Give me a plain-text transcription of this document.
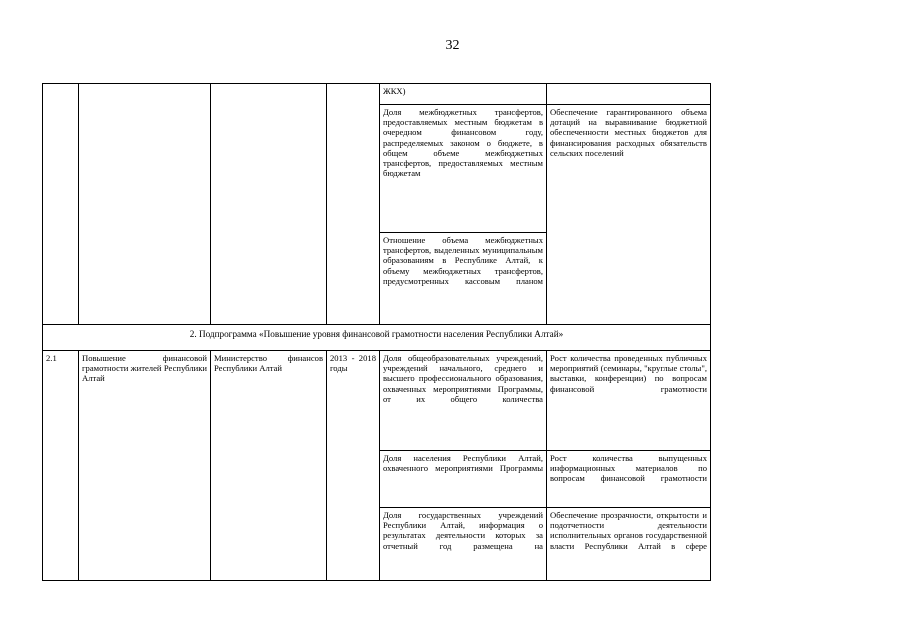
32
				ЖКХ)	
				Доля межбюджетных трансфертов, предоставляемых местным бюджетам в очередном финансовом году, распределяемых законом о бюджете, в общем объеме межбюджетных трансфертов, предоставляемых местным бюджетам	Обеспечение гарантированного объема дотаций на выравнивание бюджетной обеспеченности местных бюджетов для финансирования расходных обязательств сельских поселений
				Отношение объема межбюджетных трансфертов, выделенных муниципальным образованиям в Республике Алтай, к объему межбюджетных трансфертов, предусмотренных кассовым планом	
2. Подпрограмма «Повышение уровня финансовой грамотности населения Республики Алтай»					
2.1	Повышение финансовой грамотности жителей Республики Алтай	Министерство финансов Республики Алтай	2013 - 2018 годы	Доля общеобразовательных учреждений, учреждений начального, среднего и высшего профессионального образования, охваченных мероприятиями Программы, от их общего количества	Рост количества проведенных публичных мероприятий (семинары, "круглые столы", выставки, конференции) по вопросам финансовой грамотности
				Доля населения Республики Алтай, охваченного мероприятиями Программы	Рост количества выпущенных информационных материалов по вопросам финансовой грамотности
				Доля государственных учреждений Республики Алтай, информация о результатах деятельности которых за отчетный год размещена на	Обеспечение прозрачности, открытости и подотчетности деятельности исполнительных органов государственной власти Республики Алтай в сфере
